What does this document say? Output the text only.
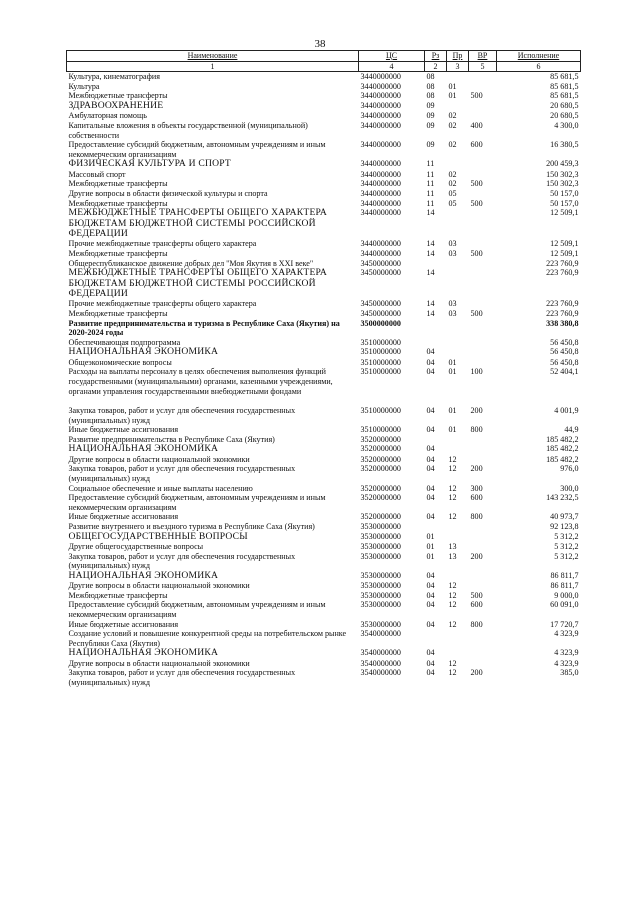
38
Наименование	ЦС	Рз	Пр	ВР	Исполнение
1	4	2	3	5	6
Культура, кинематография	3440000000	08			85 681,5
Культура	3440000000	08	01		85 681,5
Межбюджетные трансферты	3440000000	08	01	500	85 681,5
ЗДРАВООХРАНЕНИЕ	3440000000	09			20 680,5
Амбулаторная помощь	3440000000	09	02		20 680,5
Капитальные вложения в объекты государственной (муниципальной) собственности	3440000000	09	02	400	4 300,0
Предоставление субсидий бюджетным, автономным учреждениям и иным некоммерческим организациям	3440000000	09	02	600	16 380,5
ФИЗИЧЕСКАЯ КУЛЬТУРА И СПОРТ	3440000000	11			200 459,3
Массовый спорт	3440000000	11	02		150 302,3
Межбюджетные трансферты	3440000000	11	02	500	150 302,3
Другие вопросы в области физической культуры и спорта	3440000000	11	05		50 157,0
Межбюджетные трансферты	3440000000	11	05	500	50 157,0
МЕЖБЮДЖЕТНЫЕ ТРАНСФЕРТЫ ОБЩЕГО ХАРАКТЕРА БЮДЖЕТАМ БЮДЖЕТНОЙ СИСТЕМЫ РОССИЙСКОЙ ФЕДЕРАЦИИ	3440000000	14			12 509,1
Прочие межбюджетные трансферты общего характера	3440000000	14	03		12 509,1
Межбюджетные трансферты	3440000000	14	03	500	12 509,1
Общереспубликанское движение добрых дел "Моя Якутия в XXI веке"	3450000000				223 760,9
МЕЖБЮДЖЕТНЫЕ ТРАНСФЕРТЫ ОБЩЕГО ХАРАКТЕРА БЮДЖЕТАМ БЮДЖЕТНОЙ СИСТЕМЫ РОССИЙСКОЙ ФЕДЕРАЦИИ	3450000000	14			223 760,9
Прочие межбюджетные трансферты общего характера	3450000000	14	03		223 760,9
Межбюджетные трансферты	3450000000	14	03	500	223 760,9
Развитие предпринимательства и туризма в Республике Саха (Якутия) на 2020-2024 годы	3500000000				338 380,8
Обеспечивающая подпрограмма	3510000000				56 450,8
НАЦИОНАЛЬНАЯ ЭКОНОМИКА	3510000000	04			56 450,8
Общеэкономические вопросы	3510000000	04	01		56 450,8
Расходы на выплаты персоналу в целях обеспечения выполнения функций государственными (муниципальными) органами, казенными учреждениями, органами управления государственными внебюджетными фондами	3510000000	04	01	100	52 404,1
Закупка товаров, работ и услуг для обеспечения государственных (муниципальных) нужд	3510000000	04	01	200	4 001,9
Иные бюджетные ассигнования	3510000000	04	01	800	44,9
Развитие предпринимательства в Республике Саха (Якутия)	3520000000				185 482,2
НАЦИОНАЛЬНАЯ ЭКОНОМИКА	3520000000	04			185 482,2
Другие вопросы в области национальной экономики	3520000000	04	12		185 482,2
Закупка товаров, работ и услуг для обеспечения государственных (муниципальных) нужд	3520000000	04	12	200	976,0
Социальное обеспечение и иные выплаты населению	3520000000	04	12	300	300,0
Предоставление субсидий бюджетным, автономным учреждениям и иным некоммерческим организациям	3520000000	04	12	600	143 232,5
Иные бюджетные ассигнования	3520000000	04	12	800	40 973,7
Развитие внутреннего и въездного туризма в Республике Саха (Якутия)	3530000000				92 123,8
ОБЩЕГОСУДАРСТВЕННЫЕ ВОПРОСЫ	3530000000	01			5 312,2
Другие общегосударственные вопросы	3530000000	01	13		5 312,2
Закупка товаров, работ и услуг для обеспечения государственных (муниципальных) нужд	3530000000	01	13	200	5 312,2
НАЦИОНАЛЬНАЯ ЭКОНОМИКА	3530000000	04			86 811,7
Другие вопросы в области национальной экономики	3530000000	04	12		86 811,7
Межбюджетные трансферты	3530000000	04	12	500	9 000,0
Предоставление субсидий бюджетным, автономным учреждениям и иным некоммерческим организациям	3530000000	04	12	600	60 091,0
Иные бюджетные ассигнования	3530000000	04	12	800	17 720,7
Создание условий и повышение конкурентной среды на потребительском рынке Республики Саха (Якутия)	3540000000				4 323,9
НАЦИОНАЛЬНАЯ ЭКОНОМИКА	3540000000	04			4 323,9
Другие вопросы в области национальной экономики	3540000000	04	12		4 323,9
Закупка товаров, работ и услуг для обеспечения государственных (муниципальных) нужд	3540000000	04	12	200	385,0
